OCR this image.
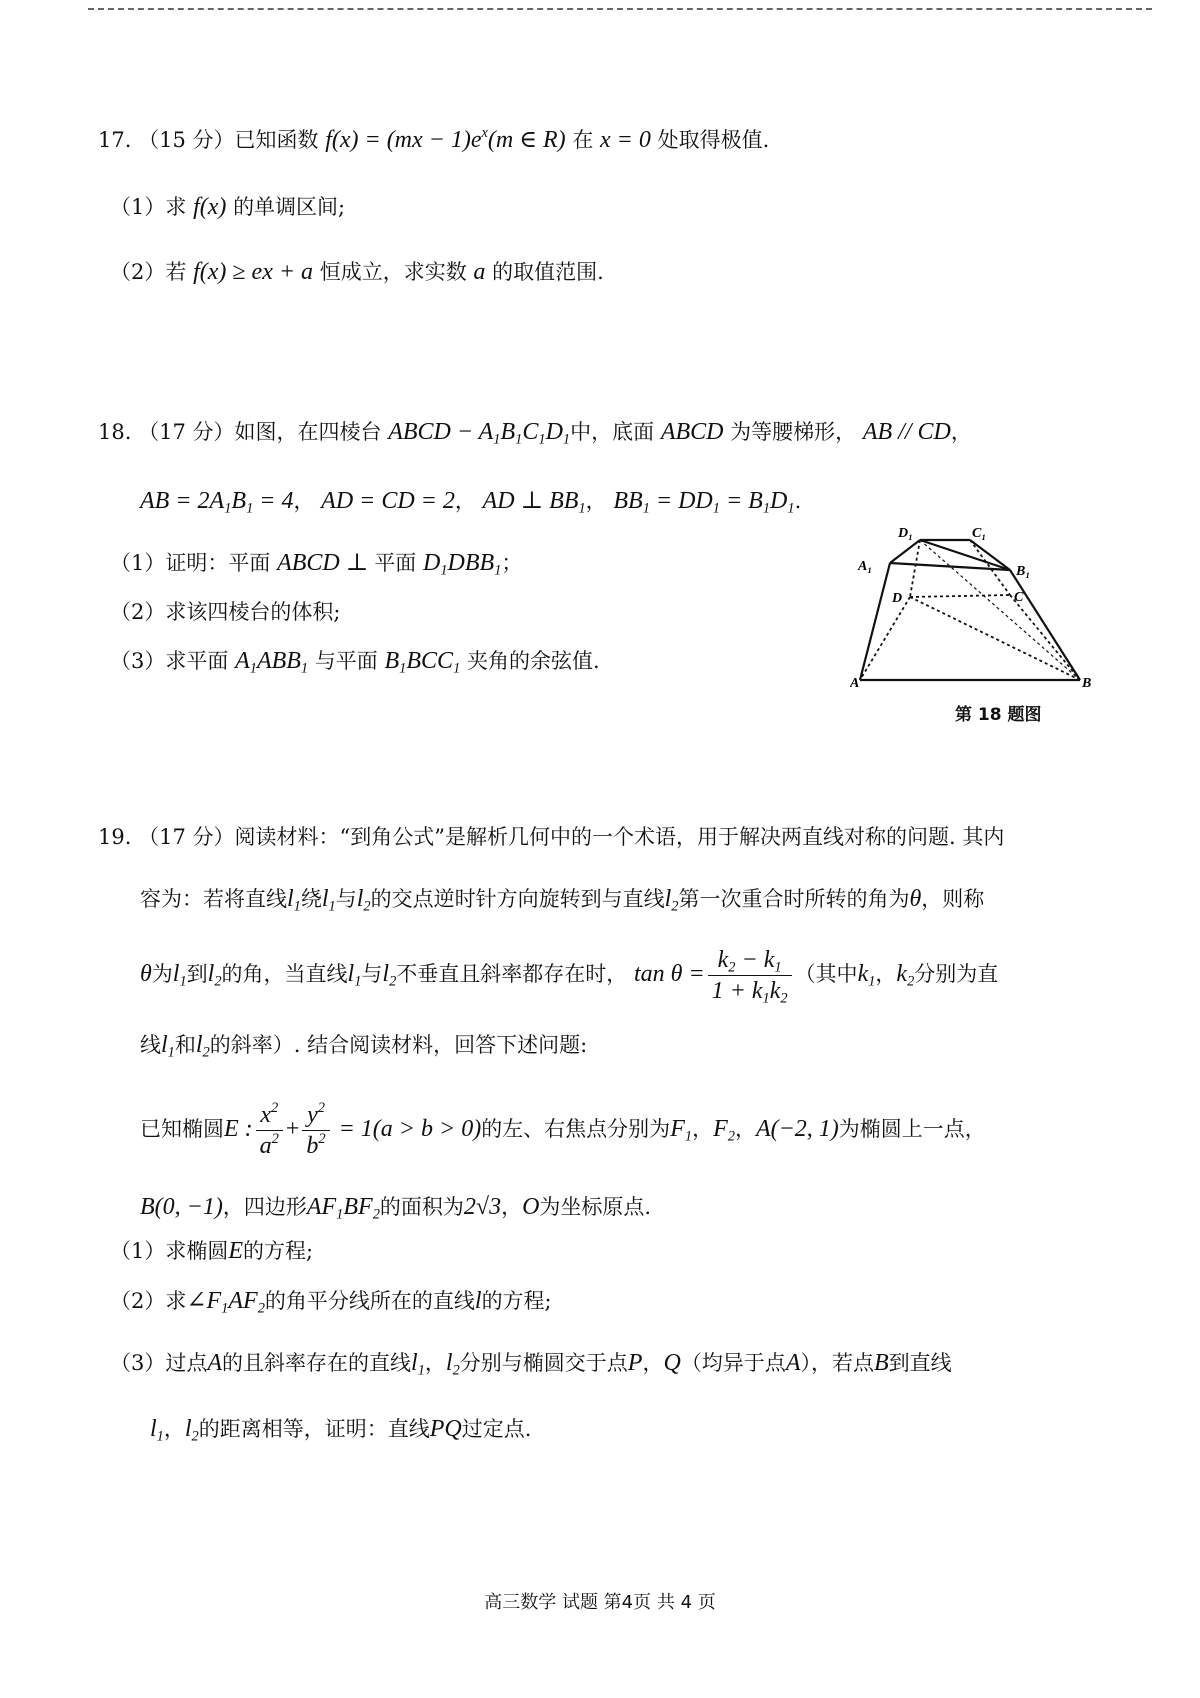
17. （15 分）已知函数 $f(x) = (mx - 1)e^x(m$ ∈ R) 在 x = 0 处取得极值.
（1）求 f(x) 的单调区间;
（2）若 f(x) ≥ ex + a 恒成立，求实数 a 的取值范围.
18. （17 分）如图，在四棱台 ABCD − $A_1B_1C_1D_1$中，底面 ABCD 为等腰梯形， AB // CD，
AB = $2A_1B_1 = 4$， AD = CD = 2， AD ⊥ $BB_1$， $BB_1 = DD_1 = B_1D_1$.
（1）证明：平面 ABCD ⊥ 平面 $D_1DBB_1$；
（2）求该四棱台的体积;
（3）求平面 $A_1ABB_1$ 与平面 $B_1BCC_1$ 夹角的余弦值.
A₁
D₁	C₁
B₁
D	C
A	B
第 18 题图
19. （17 分）阅读材料：“到角公式”是解析几何中的一个术语，用于解决两直线对称的问题. 其内
容为：若将直线$l_1$绕$l_1$与$l_2$的交点逆时针方向旋转到与直线$l_2$第一次重合时所转的角为θ，则称
θ为$l_1$到$l_2$的角，当直线$l_1$与$l_2$不垂直且斜率都存在时， $\tan \theta = \frac{k_2 - k_1}{1 + k_1k_2}$ （其中$k_1$，$k_2$分别为直
线$l_1$和$l_2$的斜率）. 结合阅读材料，回答下述问题:
已知椭圆E : $\frac{x^2}{a^2} + \frac{y^2}{b^2} = 1(a > b > 0)$的左、右焦点分别为$F_1$，$F_2$，A(−2, 1)为椭圆上一点，
B(0, −1)，四边形$AF_1BF_2$的面积为2√3，O为坐标原点.
（1）求椭圆E的方程;
（2）求$\angle F_1AF_2$的角平分线所在的直线l的方程;
（3）过点A的且斜率存在的直线$l_1$，$l_2$分别与椭圆交于点P，Q（均异于点A），若点B到直线
$l_1$，$l_2$的距离相等，证明：直线PQ过定点.
高三数学 试题 第4页 共 4 页
